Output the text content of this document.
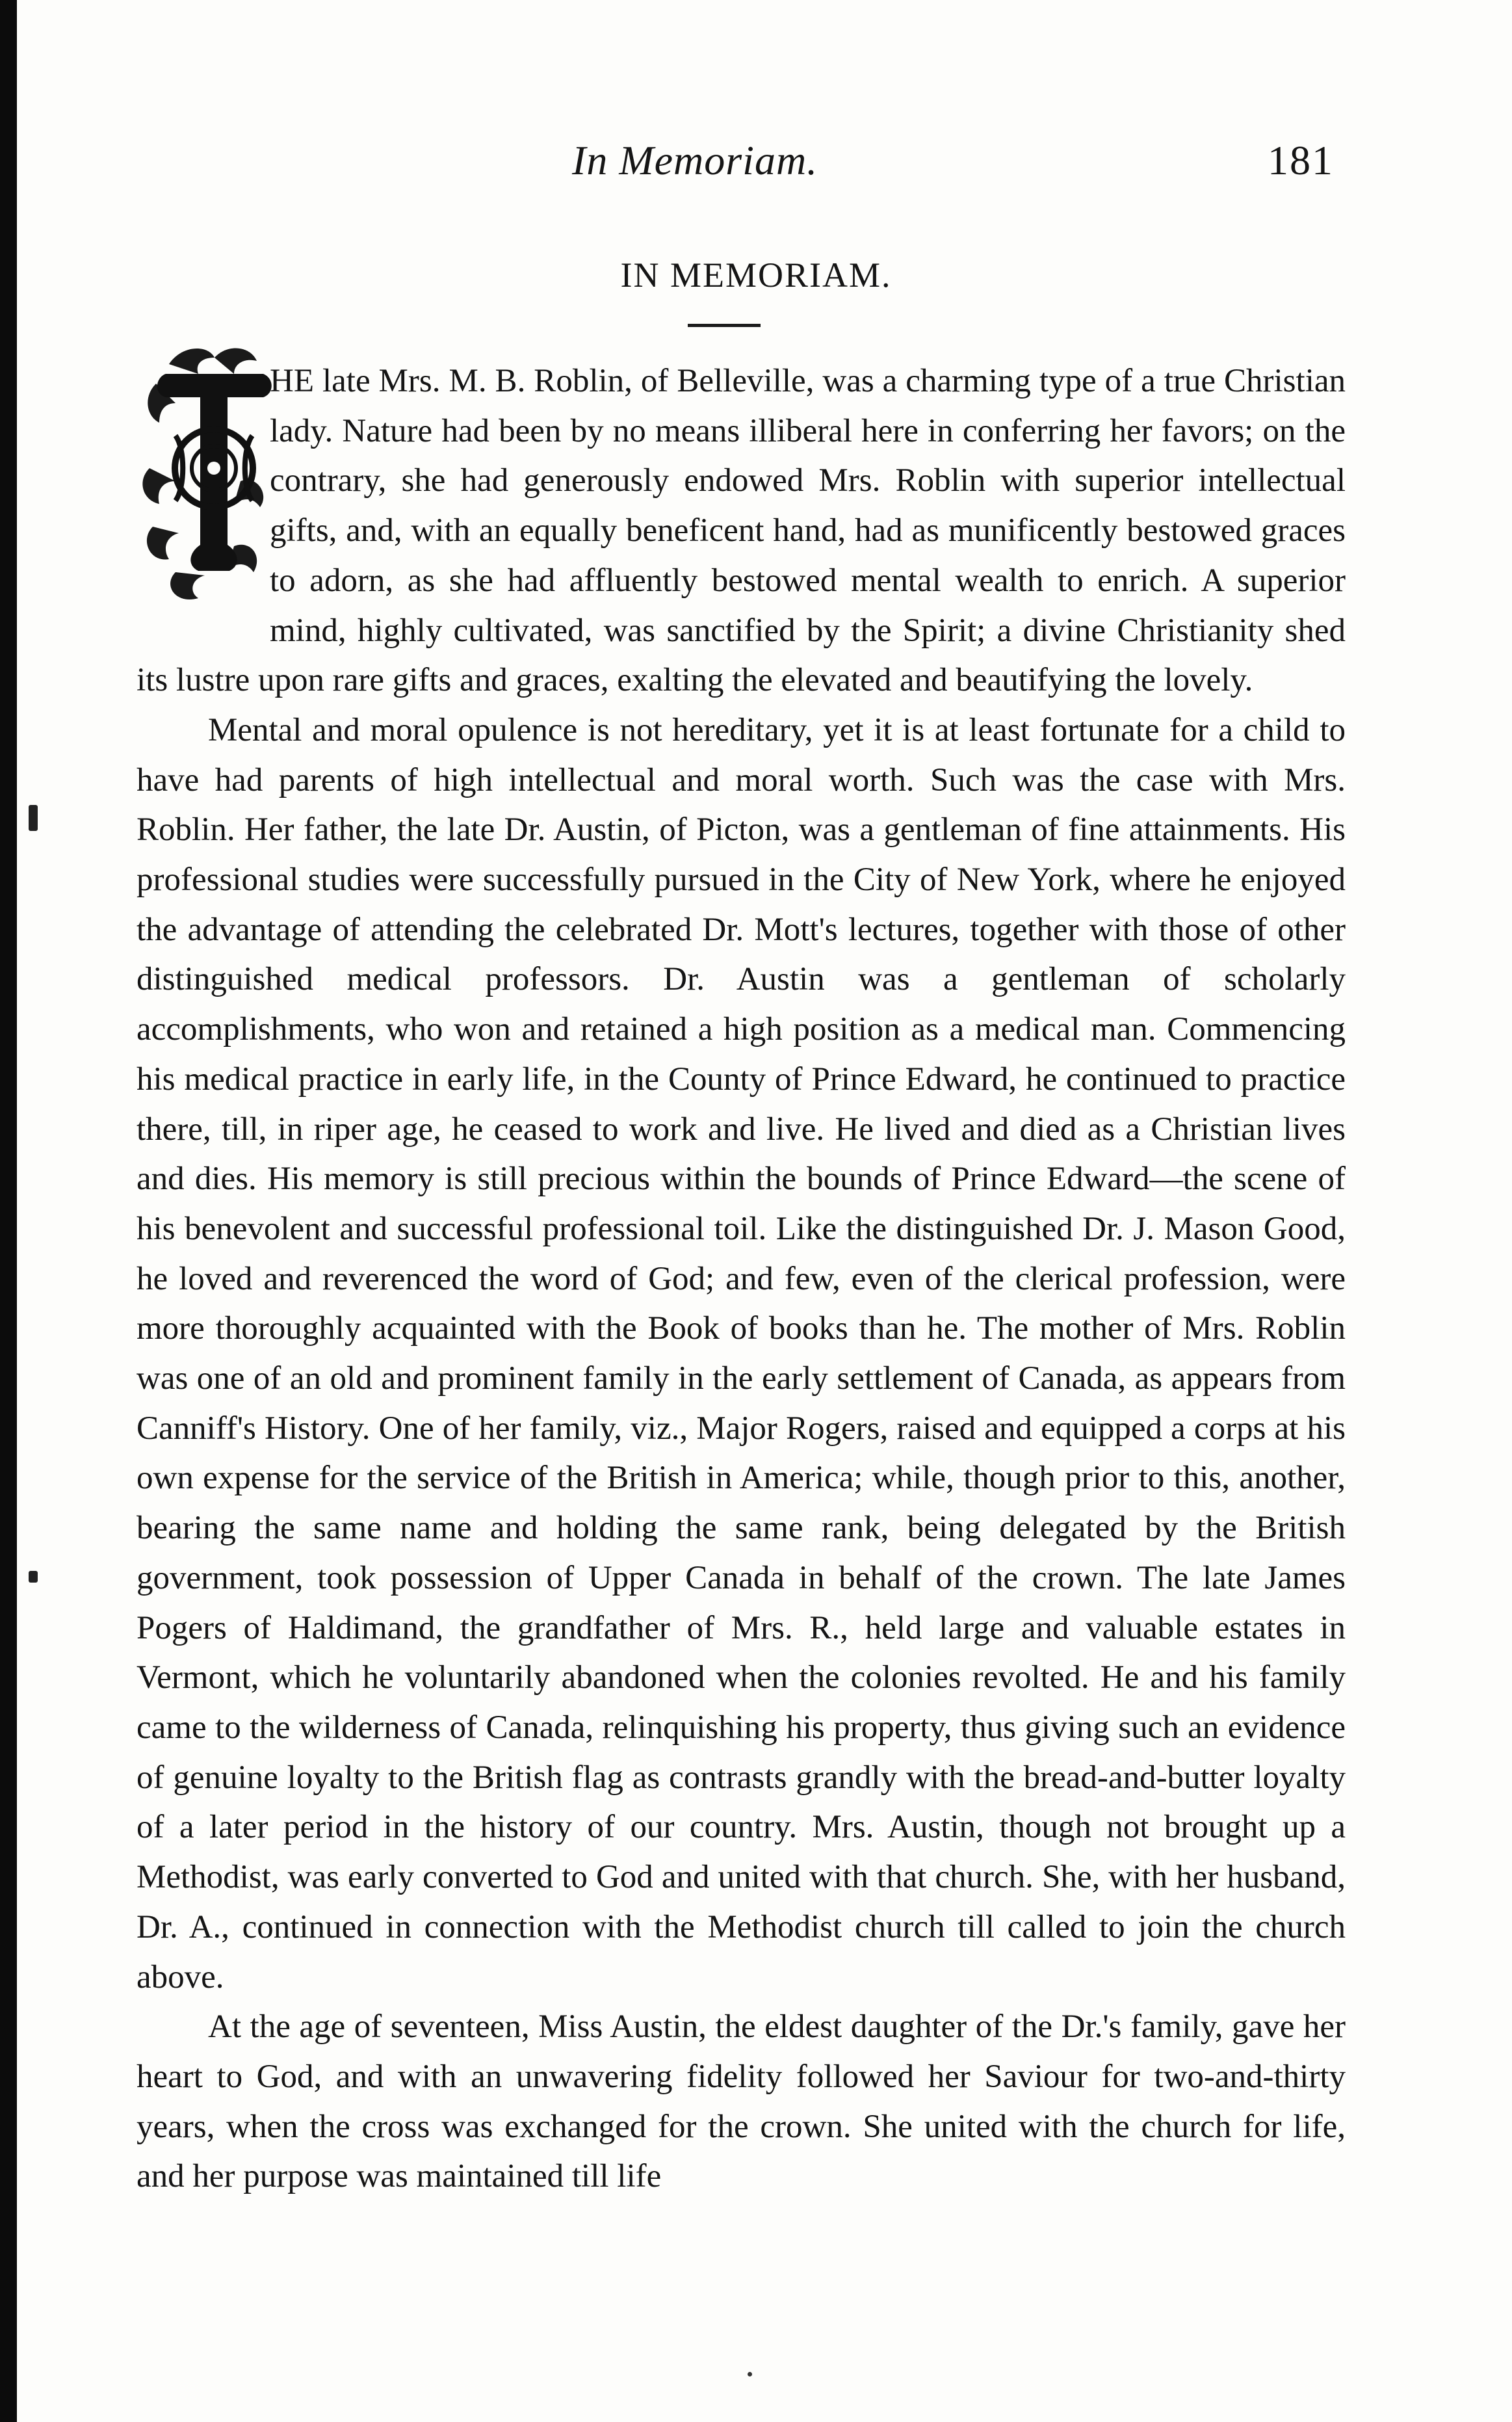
In Memoriam.	181
IN MEMORIAM.

HE late Mrs. M. B. Roblin, of Belleville, was a charming type of a true Christian lady. Nature had been by no means illiberal here in conferring her favors; on the contrary, she had generously endowed Mrs. Roblin with superior intellectual gifts, and, with an equally beneficent hand, had as munificently bestowed graces to adorn, as she had affluently bestowed mental wealth to enrich. A superior mind, highly cultivated, was sanctified by the Spirit; a divine Christianity shed its lustre upon rare gifts and graces, exalting the elevated and beautifying the lovely.

Mental and moral opulence is not hereditary, yet it is at least fortunate for a child to have had parents of high intellectual and moral worth. Such was the case with Mrs. Roblin. Her father, the late Dr. Austin, of Picton, was a gentleman of fine attainments. His professional studies were successfully pursued in the City of New York, where he enjoyed the advantage of attending the celebrated Dr. Mott's lectures, together with those of other distinguished medical professors. Dr. Austin was a gentleman of scholarly accomplishments, who won and retained a high position as a medical man. Commencing his medical practice in early life, in the County of Prince Edward, he continued to practice there, till, in riper age, he ceased to work and live. He lived and died as a Christian lives and dies. His memory is still precious within the bounds of Prince Edward—the scene of his benevolent and successful professional toil. Like the distinguished Dr. J. Mason Good, he loved and reverenced the word of God; and few, even of the clerical profession, were more thoroughly acquainted with the Book of books than he. The mother of Mrs. Roblin was one of an old and prominent family in the early settlement of Canada, as appears from Canniff's History. One of her family, viz., Major Rogers, raised and equipped a corps at his own expense for the service of the British in America; while, though prior to this, another, bearing the same name and holding the same rank, being delegated by the British government, took possession of Upper Canada in behalf of the crown. The late James Pogers of Haldimand, the grandfather of Mrs. R., held large and valuable estates in Vermont, which he voluntarily abandoned when the colonies revolted. He and his family came to the wilderness of Canada, relinquishing his property, thus giving such an evidence of genuine loyalty to the British flag as contrasts grandly with the bread-and-butter loyalty of a later period in the history of our country. Mrs. Austin, though not brought up a Methodist, was early converted to God and united with that church. She, with her husband, Dr. A., continued in connection with the Methodist church till called to join the church above.

At the age of seventeen, Miss Austin, the eldest daughter of the Dr.'s family, gave her heart to God, and with an unwavering fidelity followed her Saviour for two-and-thirty years, when the cross was exchanged for the crown. She united with the church for life, and her purpose was maintained till life
